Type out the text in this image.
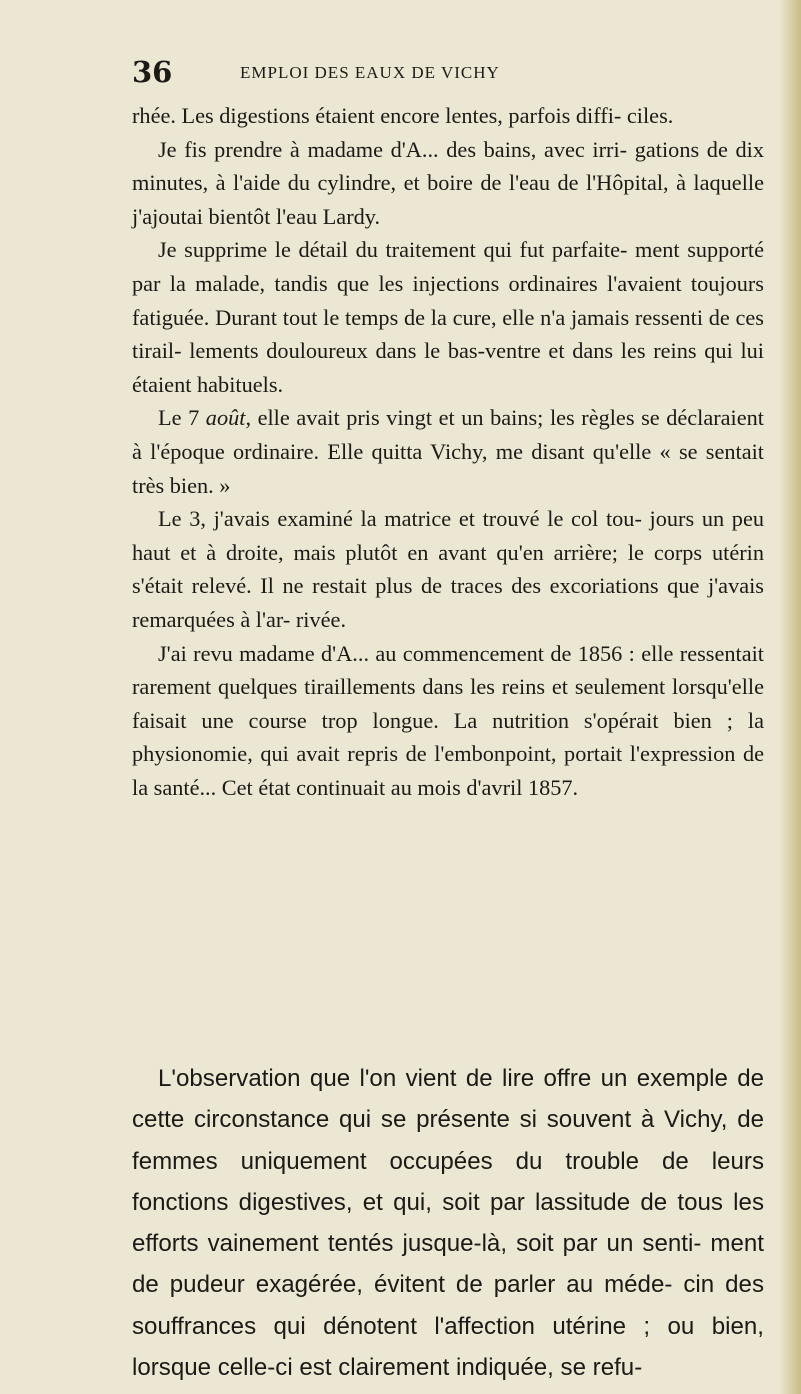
36	EMPLOI DES EAUX DE VICHY

rhée. Les digestions étaient encore lentes, parfois diffi- ciles.

Je fis prendre à madame d'A... des bains, avec irri- gations de dix minutes, à l'aide du cylindre, et boire de l'eau de l'Hôpital, à laquelle j'ajoutai bientôt l'eau Lardy.

Je supprime le détail du traitement qui fut parfaite- ment supporté par la malade, tandis que les injections ordinaires l'avaient toujours fatiguée. Durant tout le temps de la cure, elle n'a jamais ressenti de ces tirail- lements douloureux dans le bas-ventre et dans les reins qui lui étaient habituels.

Le 7 août, elle avait pris vingt et un bains; les règles se déclaraient à l'époque ordinaire. Elle quitta Vichy, me disant qu'elle « se sentait très bien. »

Le 3, j'avais examiné la matrice et trouvé le col tou- jours un peu haut et à droite, mais plutôt en avant qu'en arrière; le corps utérin s'était relevé. Il ne restait plus de traces des excoriations que j'avais remarquées à l'ar- rivée.

J'ai revu madame d'A... au commencement de 1856 : elle ressentait rarement quelques tiraillements dans les reins et seulement lorsqu'elle faisait une course trop longue. La nutrition s'opérait bien ; la physionomie, qui avait repris de l'embonpoint, portait l'expression de la santé... Cet état continuait au mois d'avril 1857.

L'observation que l'on vient de lire offre un exemple de cette circonstance qui se présente si souvent à Vichy, de femmes uniquement occupées du trouble de leurs fonctions digestives, et qui, soit par lassitude de tous les efforts vainement tentés jusque-là, soit par un senti- ment de pudeur exagérée, évitent de parler au méde- cin des souffrances qui dénotent l'affection utérine ; ou bien, lorsque celle-ci est clairement indiquée, se refu-
